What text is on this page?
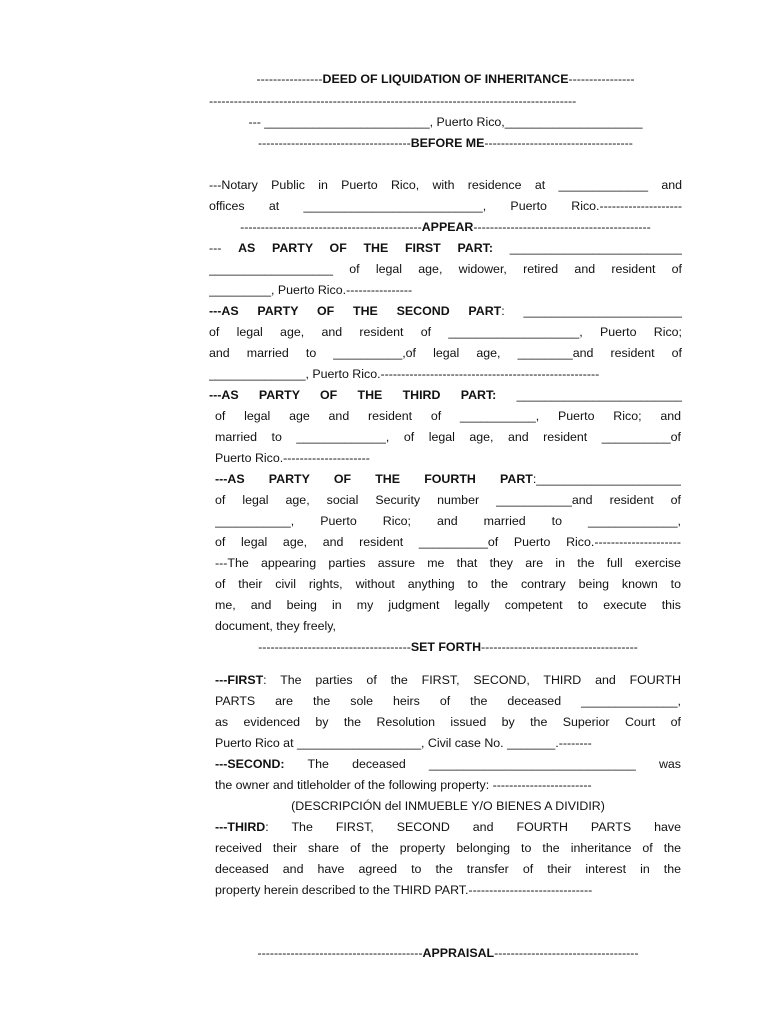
----------------DEED OF LIQUIDATION OF INHERITANCE----------------
-----------------------------------------------------------------------------------------
--- ________________________, Puerto Rico,____________________
-------------------------------------BEFORE ME------------------------------------
---Notary Public in Puerto Rico, with residence at _____________ and
offices at __________________________, Puerto Rico.--------------------
--------------------------------------------APPEAR-------------------------------------------
--- AS PARTY OF THE FIRST PART: _________________________
__________________ of legal age, widower, retired and resident of
_________, Puerto Rico.----------------
---AS PARTY OF THE SECOND PART: _______________________
of legal age, and resident of ___________________, Puerto Rico;
and married to __________,of legal age, ________and resident of
______________, Puerto Rico.-----------------------------------------------------
---AS PARTY OF THE THIRD PART: ________________________
of legal age and resident of ___________, Puerto Rico; and
married to _____________, of legal age, and resident __________of
Puerto Rico.---------------------
---AS PARTY OF THE FOURTH PART:_____________________
of legal age, social Security number ___________and resident of
___________, Puerto Rico; and married to _____________,
of legal age, and resident __________of Puerto Rico.---------------------
---The appearing parties assure me that they are in the full exercise
of their civil rights, without anything to the contrary being known to
me, and being in my judgment legally competent to execute this
document, they freely,
-------------------------------------SET FORTH--------------------------------------
---FIRST: The parties of the FIRST, SECOND, THIRD and FOURTH
PARTS are the sole heirs of the deceased ______________,
as evidenced by the Resolution issued by the Superior Court of
Puerto Rico at __________________, Civil case No. _______.--------
---SECOND: The deceased ______________________________ was
the owner and titleholder of the following property: ------------------------
(DESCRIPCIÓN del INMUEBLE Y/O BIENES A DIVIDIR)
---THIRD: The FIRST, SECOND and FOURTH PARTS have
received their share of the property belonging to the inheritance of the
deceased and have agreed to the transfer of their interest in the
property herein described to the THIRD PART.------------------------------
----------------------------------------APPRAISAL-----------------------------------
